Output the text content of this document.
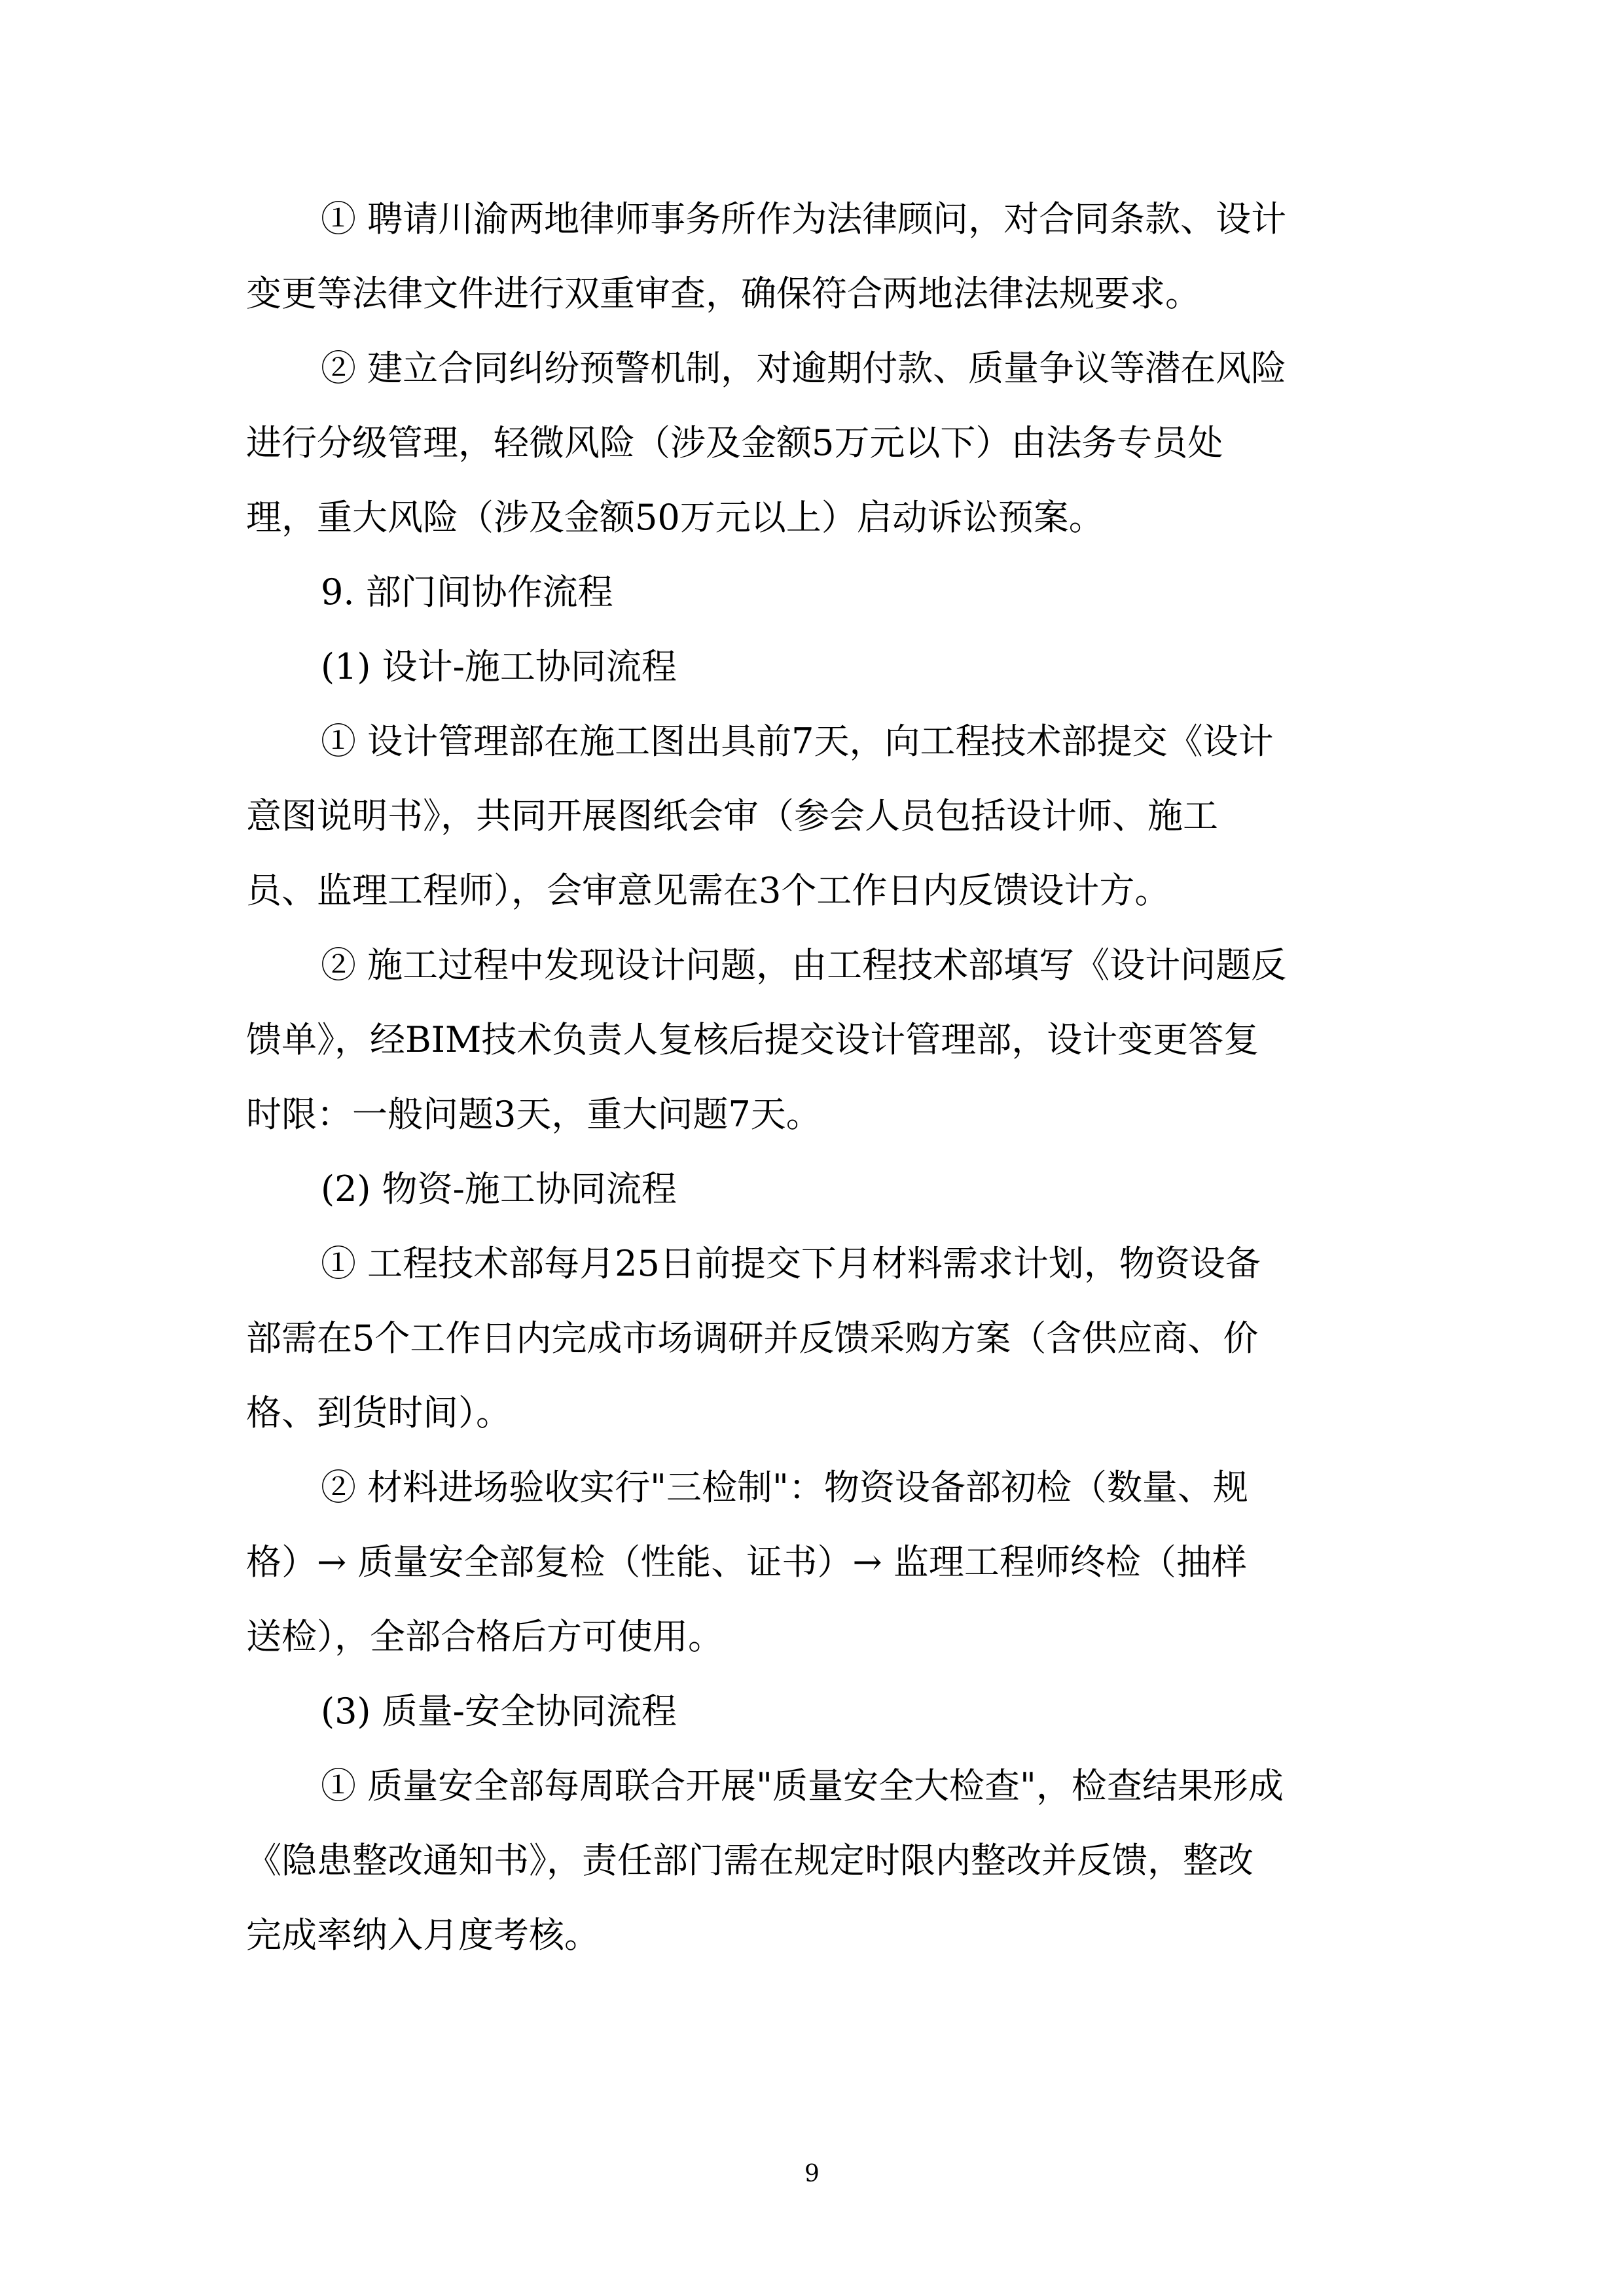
① 聘请川渝两地律师事务所作为法律顾问，对合同条款、设计
变更等法律文件进行双重审查，确保符合两地法律法规要求。
② 建立合同纠纷预警机制，对逾期付款、质量争议等潜在风险
进行分级管理，轻微风险（涉及金额5万元以下）由法务专员处
理，重大风险（涉及金额50万元以上）启动诉讼预案。
9. 部门间协作流程
(1) 设计-施工协同流程
① 设计管理部在施工图出具前7天，向工程技术部提交《设计
意图说明书》，共同开展图纸会审（参会人员包括设计师、施工
员、监理工程师），会审意见需在3个工作日内反馈设计方。
② 施工过程中发现设计问题，由工程技术部填写《设计问题反
馈单》，经BIM技术负责人复核后提交设计管理部，设计变更答复
时限：一般问题3天，重大问题7天。
(2) 物资-施工协同流程
① 工程技术部每月25日前提交下月材料需求计划，物资设备
部需在5个工作日内完成市场调研并反馈采购方案（含供应商、价
格、到货时间）。
② 材料进场验收实行"三检制"：物资设备部初检（数量、规
格）→ 质量安全部复检（性能、证书）→ 监理工程师终检（抽样
送检），全部合格后方可使用。
(3) 质量-安全协同流程
① 质量安全部每周联合开展"质量安全大检查"，检查结果形成
《隐患整改通知书》，责任部门需在规定时限内整改并反馈，整改
完成率纳入月度考核。
9
